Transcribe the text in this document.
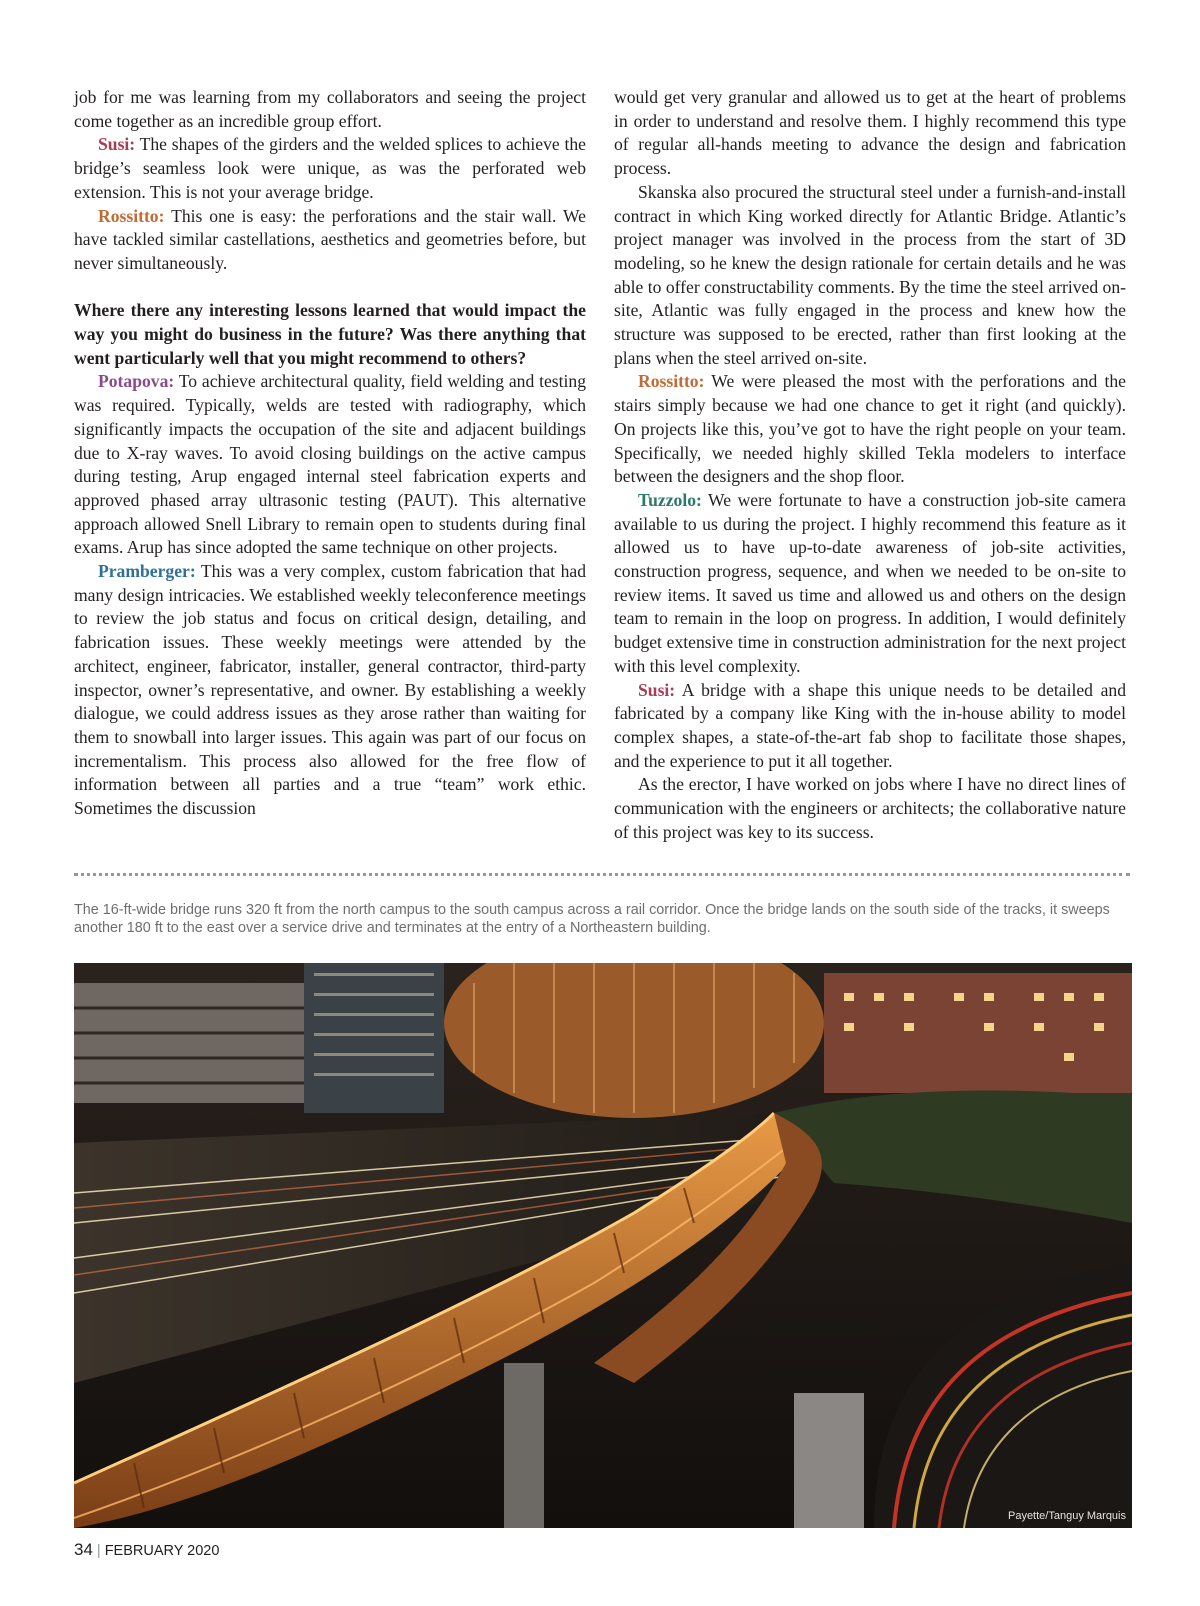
job for me was learning from my collaborators and seeing the project come together as an incredible group effort.

Susi: The shapes of the girders and the welded splices to achieve the bridge’s seamless look were unique, as was the perforated web extension. This is not your average bridge.

Rossitto: This one is easy: the perforations and the stair wall. We have tackled similar castellations, aesthetics and geometries before, but never simultaneously.

Where there any interesting lessons learned that would impact the way you might do business in the future? Was there anything that went particularly well that you might recommend to others?

Potapova: To achieve architectural quality, field welding and testing was required. Typically, welds are tested with radiography, which significantly impacts the occupation of the site and adjacent buildings due to X-ray waves. To avoid closing buildings on the active campus during testing, Arup engaged internal steel fabrication experts and approved phased array ultrasonic testing (PAUT). This alternative approach allowed Snell Library to remain open to students during final exams. Arup has since adopted the same technique on other projects.

Pramberger: This was a very complex, custom fabrication that had many design intricacies. We established weekly teleconference meetings to review the job status and focus on critical design, detailing, and fabrication issues. These weekly meetings were attended by the architect, engineer, fabricator, installer, general contractor, third-party inspector, owner’s representative, and owner. By establishing a weekly dialogue, we could address issues as they arose rather than waiting for them to snowball into larger issues. This again was part of our focus on incrementalism. This process also allowed for the free flow of information between all parties and a true “team” work ethic. Sometimes the discussion

would get very granular and allowed us to get at the heart of problems in order to understand and resolve them. I highly recommend this type of regular all-hands meeting to advance the design and fabrication process.

Skanska also procured the structural steel under a furnish-and-install contract in which King worked directly for Atlantic Bridge. Atlantic’s project manager was involved in the process from the start of 3D modeling, so he knew the design rationale for certain details and he was able to offer constructability comments. By the time the steel arrived on-site, Atlantic was fully engaged in the process and knew how the structure was supposed to be erected, rather than first looking at the plans when the steel arrived on-site.

Rossitto: We were pleased the most with the perforations and the stairs simply because we had one chance to get it right (and quickly). On projects like this, you’ve got to have the right people on your team. Specifically, we needed highly skilled Tekla modelers to interface between the designers and the shop floor.

Tuzzolo: We were fortunate to have a construction job-site camera available to us during the project. I highly recommend this feature as it allowed us to have up-to-date awareness of job-site activities, construction progress, sequence, and when we needed to be on-site to review items. It saved us time and allowed us and others on the design team to remain in the loop on progress. In addition, I would definitely budget extensive time in construction administration for the next project with this level complexity.

Susi: A bridge with a shape this unique needs to be detailed and fabricated by a company like King with the in-house ability to model complex shapes, a state-of-the-art fab shop to facilitate those shapes, and the experience to put it all together.

As the erector, I have worked on jobs where I have no direct lines of communication with the engineers or architects; the collaborative nature of this project was key to its success.

The 16-ft-wide bridge runs 320 ft from the north campus to the south campus across a rail corridor. Once the bridge lands on the south side of the tracks, it sweeps another 180 ft to the east over a service drive and terminates at the entry of a Northeastern building.
Payette/Tanguy Marquis
34 | FEBRUARY 2020
